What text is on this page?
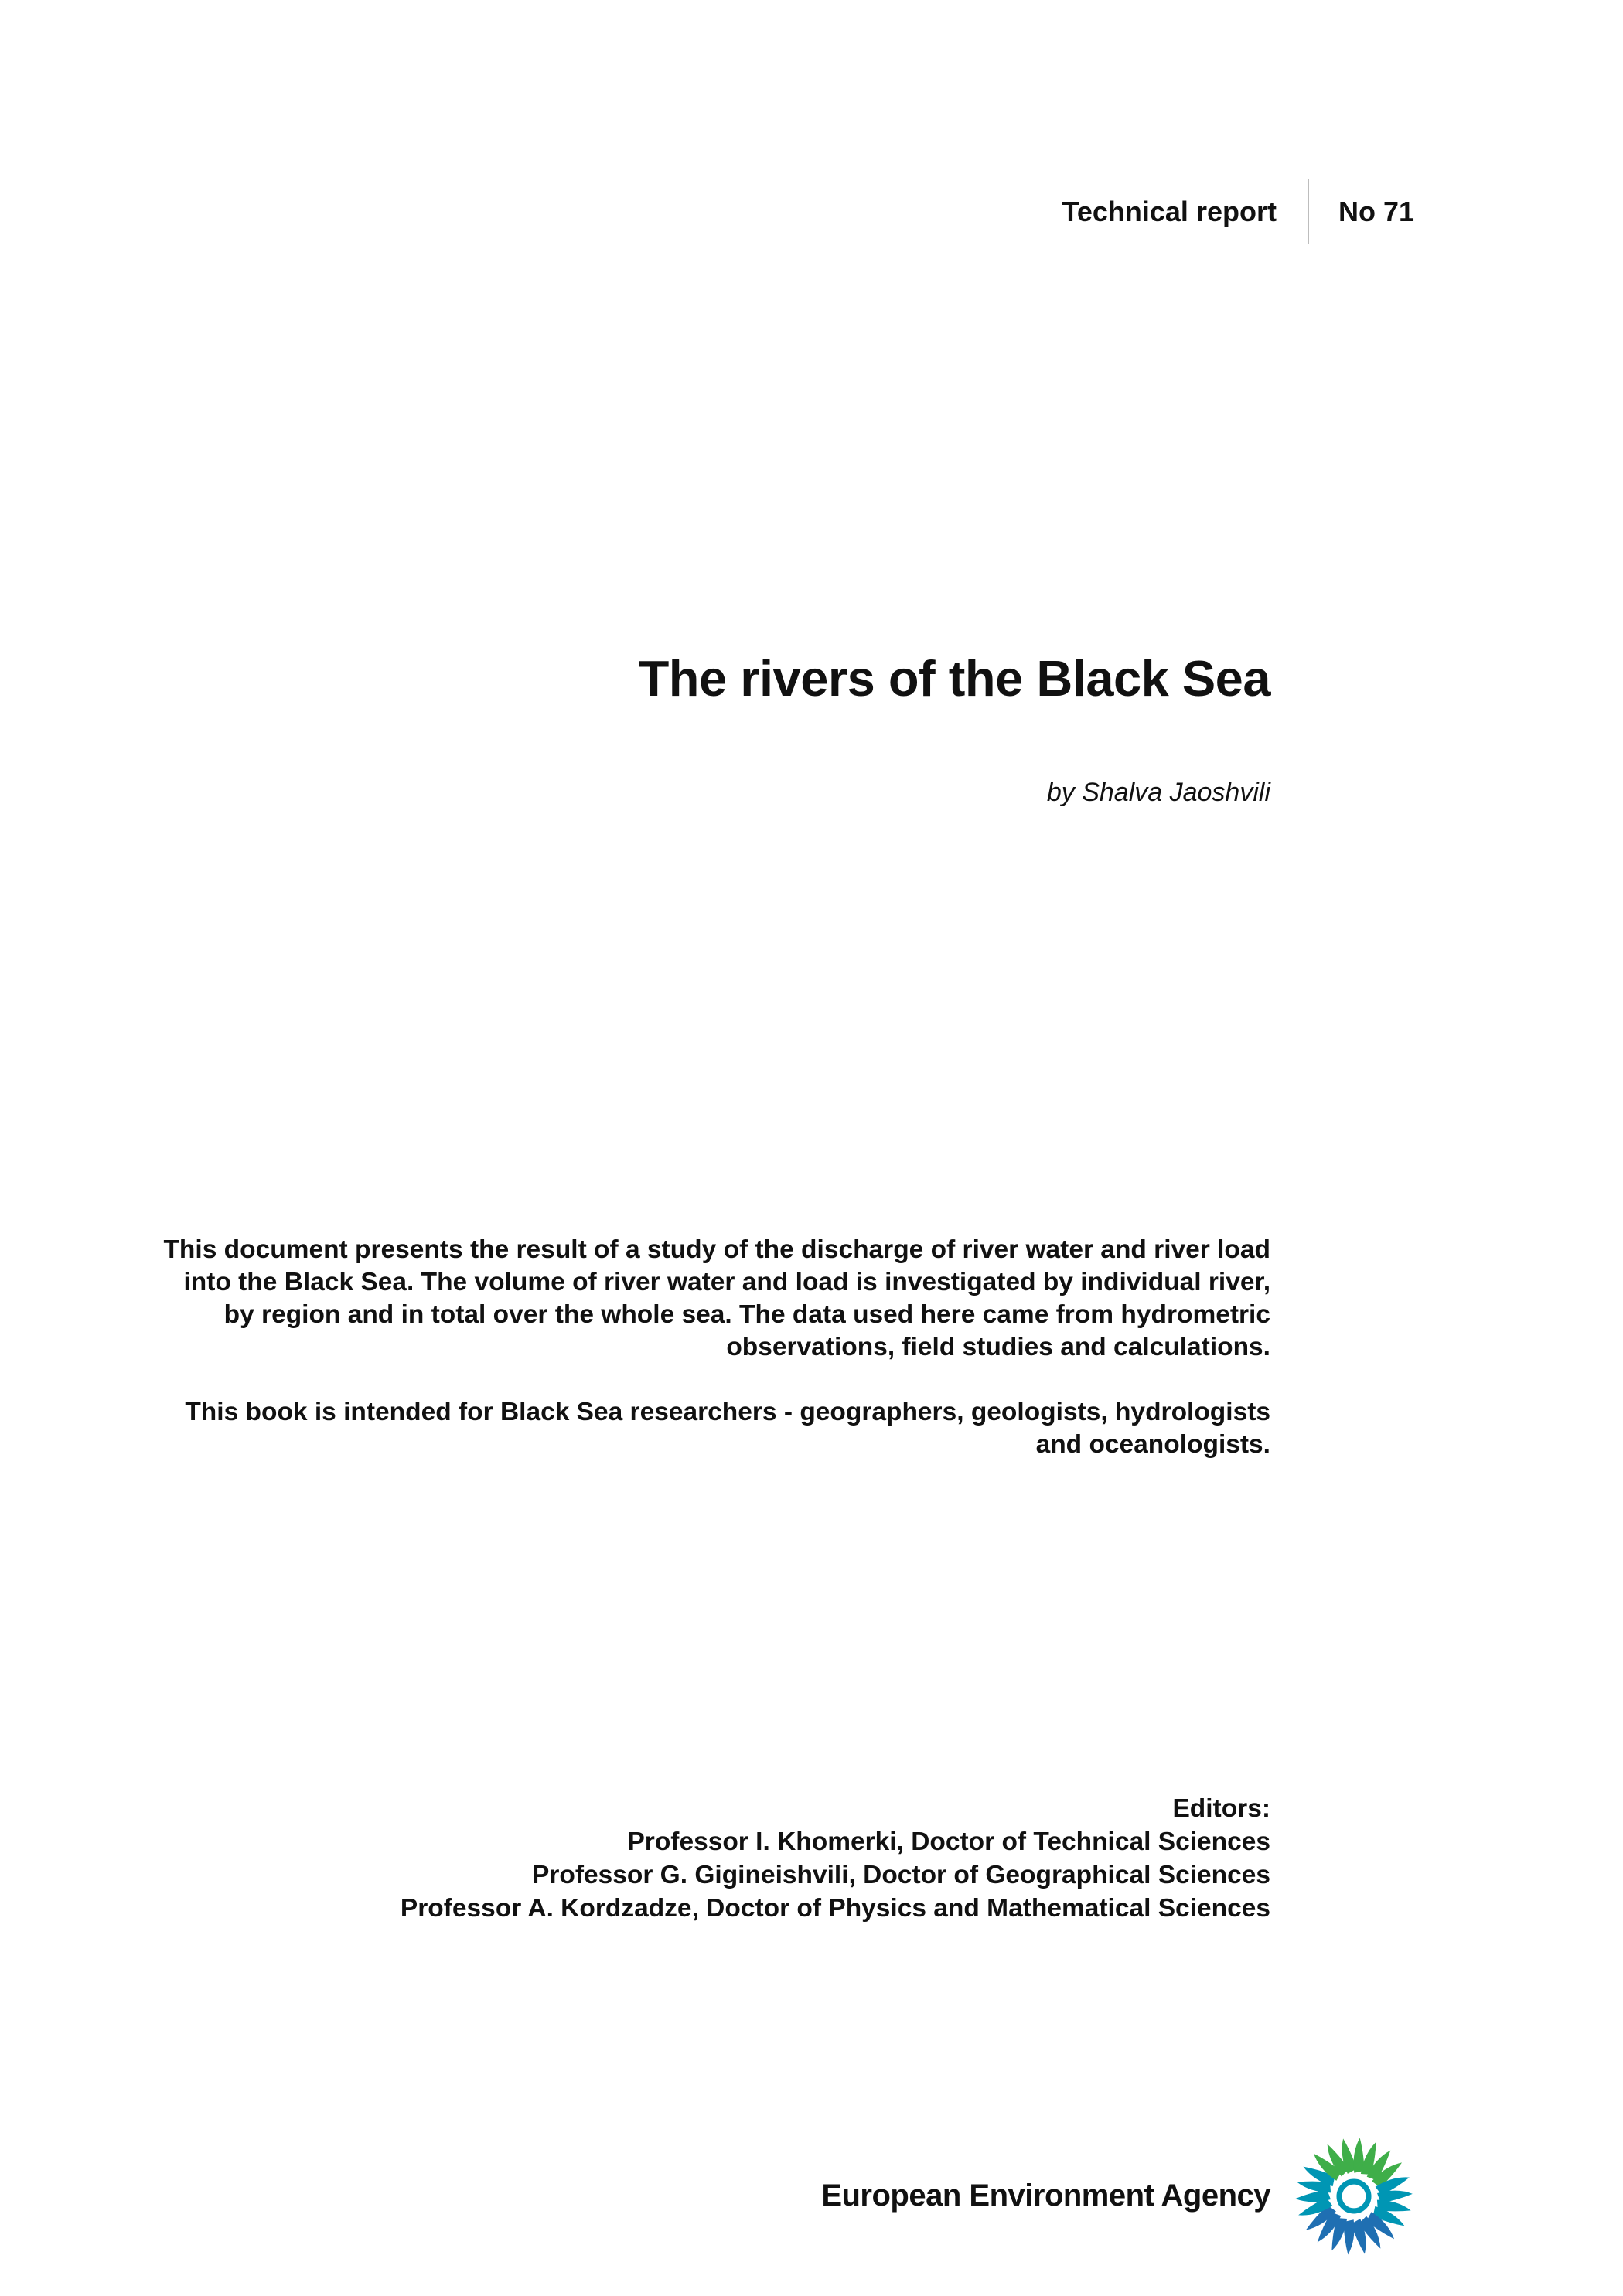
Technical report	No 71
The rivers of the Black Sea
by Shalva Jaoshvili

This document presents the result of a study of the discharge of river water and river load into the Black Sea. The volume of river water and load is investigated by individual river, by region and in total over the whole sea. The data used here came from hydrometric observations, field studies and calculations.

This book is intended for Black Sea researchers - geographers, geologists, hydrologists and oceanologists.

Editors:
Professor I. Khomerki, Doctor of Technical Sciences
Professor G. Gigineishvili, Doctor of Geographical Sciences
Professor A. Kordzadze, Doctor of Physics and Mathematical Sciences
European Environment Agency
